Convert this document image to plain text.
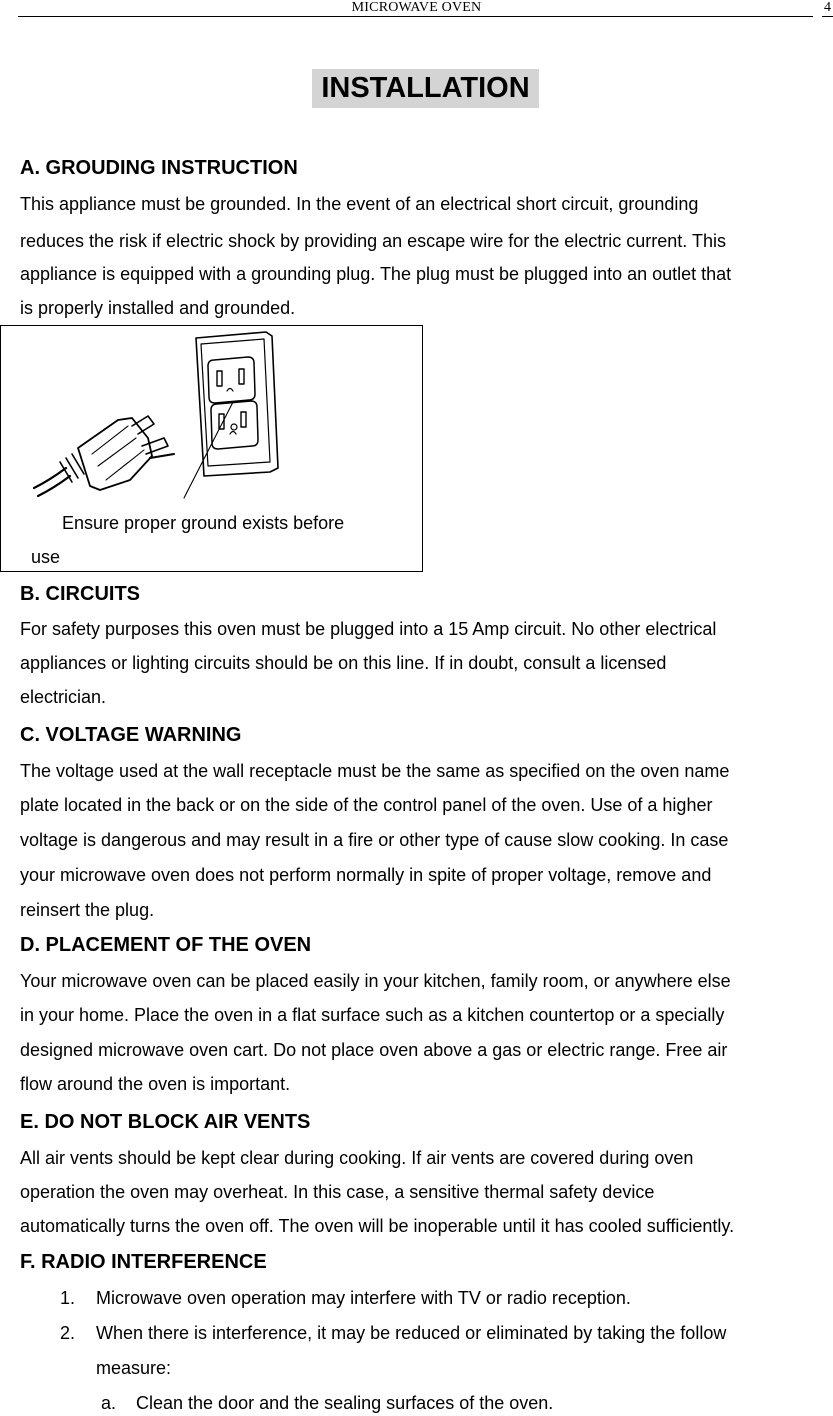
MICROWAVE OVEN	4
INSTALLATION
A. GROUDING INSTRUCTION
This appliance must be grounded. In the event of an electrical short circuit, grounding
reduces the risk if electric shock by providing an escape wire for the electric current. This
appliance is equipped with a grounding plug. The plug must be plugged into an outlet that
is properly installed and grounded.
Ensure proper ground exists before
use
B. CIRCUITS
For safety purposes this oven must be plugged into a 15 Amp circuit. No other electrical
appliances or lighting circuits should be on this line. If in doubt, consult a licensed
electrician.
C. VOLTAGE WARNING
The voltage used at the wall receptacle must be the same as specified on the oven name
plate located in the back or on the side of the control panel of the oven. Use of a higher
voltage is dangerous and may result in a fire or other type of cause slow cooking. In case
your microwave oven does not perform normally in spite of proper voltage, remove and
reinsert the plug.
D. PLACEMENT OF THE OVEN
Your microwave oven can be placed easily in your kitchen, family room, or anywhere else
in your home. Place the oven in a flat surface such as a kitchen countertop or a specially
designed microwave oven cart. Do not place oven above a gas or electric range. Free air
flow around the oven is important.
E. DO NOT BLOCK AIR VENTS
All air vents should be kept clear during cooking. If air vents are covered during oven
operation the oven may overheat. In this case, a sensitive thermal safety device
automatically turns the oven off. The oven will be inoperable until it has cooled sufficiently.
F. RADIO INTERFERENCE
1. Microwave oven operation may interfere with TV or radio reception.
2. When there is interference, it may be reduced or eliminated by taking the follow
measure:
a. Clean the door and the sealing surfaces of the oven.
